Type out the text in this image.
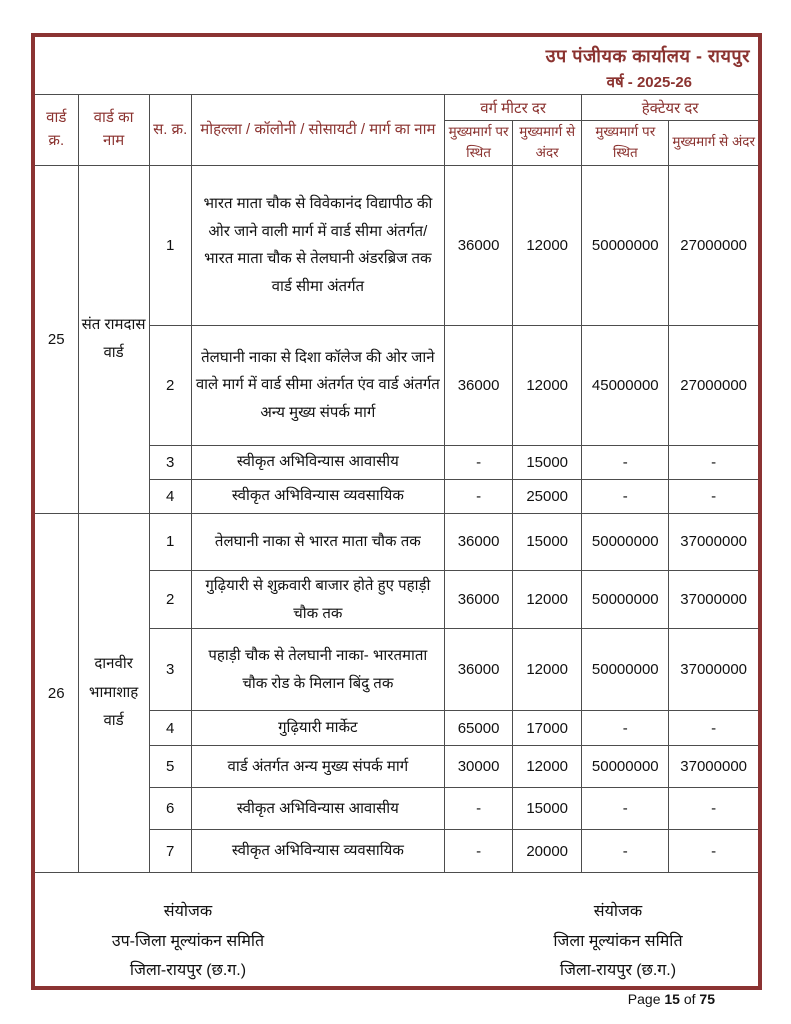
उप पंजीयक कार्यालय - रायपुर
वर्ष - 2025-26
वार्ड क्र.	वार्ड का नाम	स. क्र.	मोहल्ला / कॉलोनी / सोसायटी / मार्ग का नाम	वर्ग मीटर दर		हेक्टेयर दर	
				मुख्यमार्ग पर स्थित	मुख्यमार्ग से अंदर	मुख्यमार्ग पर स्थित	मुख्यमार्ग से अंदर
25	संत रामदास वार्ड	1	भारत माता चौक से विवेकानंद विद्यापीठ की ओर जाने वाली मार्ग में वार्ड सीमा अंतर्गत/भारत माता चौक से तेलघानी अंडरब्रिज तक वार्ड सीमा अंतर्गत	36000	12000	50000000	27000000
		2	तेलघानी नाका से दिशा कॉलेज की ओर जाने वाले मार्ग में वार्ड सीमा अंतर्गत एंव वार्ड अंतर्गत अन्य मुख्य संपर्क मार्ग	36000	12000	45000000	27000000
		3	स्वीकृत अभिविन्यास आवासीय	-	15000	-	-
		4	स्वीकृत अभिविन्यास व्यवसायिक	-	25000	-	-
26	दानवीर भामाशाह वार्ड	1	तेलघानी नाका से भारत माता चौक तक	36000	15000	50000000	37000000
		2	गुढ़ियारी से शुक्रवारी बाजार होते हुए पहाड़ी चौक तक	36000	12000	50000000	37000000
		3	पहाड़ी चौक से तेलघानी नाका- भारतमाता चौक रोड के मिलान बिंदु तक	36000	12000	50000000	37000000
		4	गुढ़ियारी मार्केट	65000	17000	-	-
		5	वार्ड अंतर्गत अन्य मुख्य संपर्क मार्ग	30000	12000	50000000	37000000
		6	स्वीकृत अभिविन्यास आवासीय	-	15000	-	-
		7	स्वीकृत अभिविन्यास व्यवसायिक	-	20000	-	-
संयोजक
उप-जिला मूल्यांकन समिति
जिला-रायपुर (छ.ग.)
संयोजक
जिला मूल्यांकन समिति
जिला-रायपुर (छ.ग.)
Page 15 of 75
